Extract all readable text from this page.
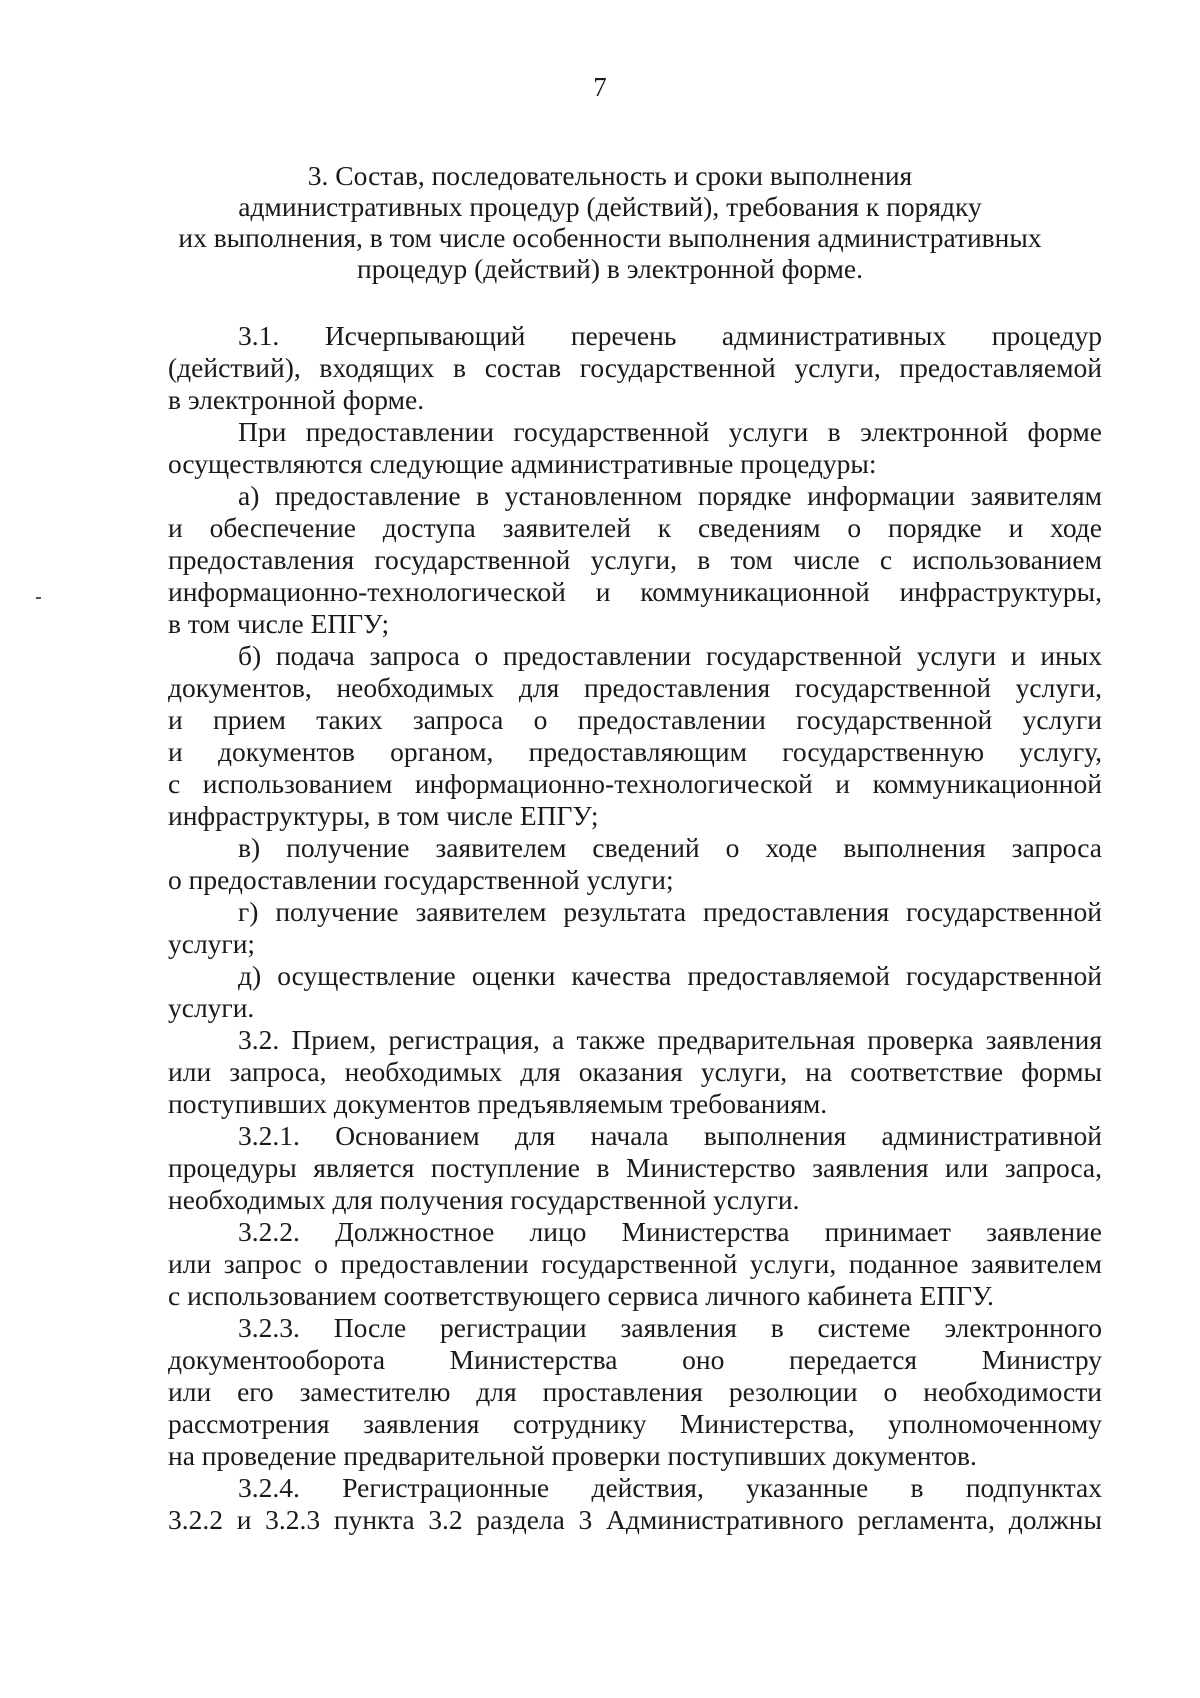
7
3. Состав, последовательность и сроки выполнения
административных процедур (действий), требования к порядку
их выполнения, в том числе особенности выполнения административных
процедур (действий) в электронной форме.
3.1. Исчерпывающий перечень административных процедур
(действий), входящих в состав государственной услуги, предоставляемой
в электронной форме.
При предоставлении государственной услуги в электронной форме
осуществляются следующие административные процедуры:
а) предоставление в установленном порядке информации заявителям
и обеспечение доступа заявителей к сведениям о порядке и ходе
предоставления государственной услуги, в том числе с использованием
информационно-технологической и коммуникационной инфраструктуры,
в том числе ЕПГУ;
б) подача запроса о предоставлении государственной услуги и иных
документов, необходимых для предоставления государственной услуги,
и прием таких запроса о предоставлении государственной услуги
и документов органом, предоставляющим государственную услугу,
с использованием информационно-технологической и коммуникационной
инфраструктуры, в том числе ЕПГУ;
в) получение заявителем сведений о ходе выполнения запроса
о предоставлении государственной услуги;
г) получение заявителем результата предоставления государственной
услуги;
д) осуществление оценки качества предоставляемой государственной
услуги.
3.2. Прием, регистрация, а также предварительная проверка заявления
или запроса, необходимых для оказания услуги, на соответствие формы
поступивших документов предъявляемым требованиям.
3.2.1. Основанием для начала выполнения административной
процедуры является поступление в Министерство заявления или запроса,
необходимых для получения государственной услуги.
3.2.2. Должностное лицо Министерства принимает заявление
или запрос о предоставлении государственной услуги, поданное заявителем
с использованием соответствующего сервиса личного кабинета ЕПГУ.
3.2.3. После регистрации заявления в системе электронного
документооборота Министерства оно передается Министру
или его заместителю для проставления резолюции о необходимости
рассмотрения заявления сотруднику Министерства, уполномоченному
на проведение предварительной проверки поступивших документов.
3.2.4. Регистрационные действия, указанные в подпунктах
3.2.2 и 3.2.3 пункта 3.2 раздела 3 Административного регламента, должны
